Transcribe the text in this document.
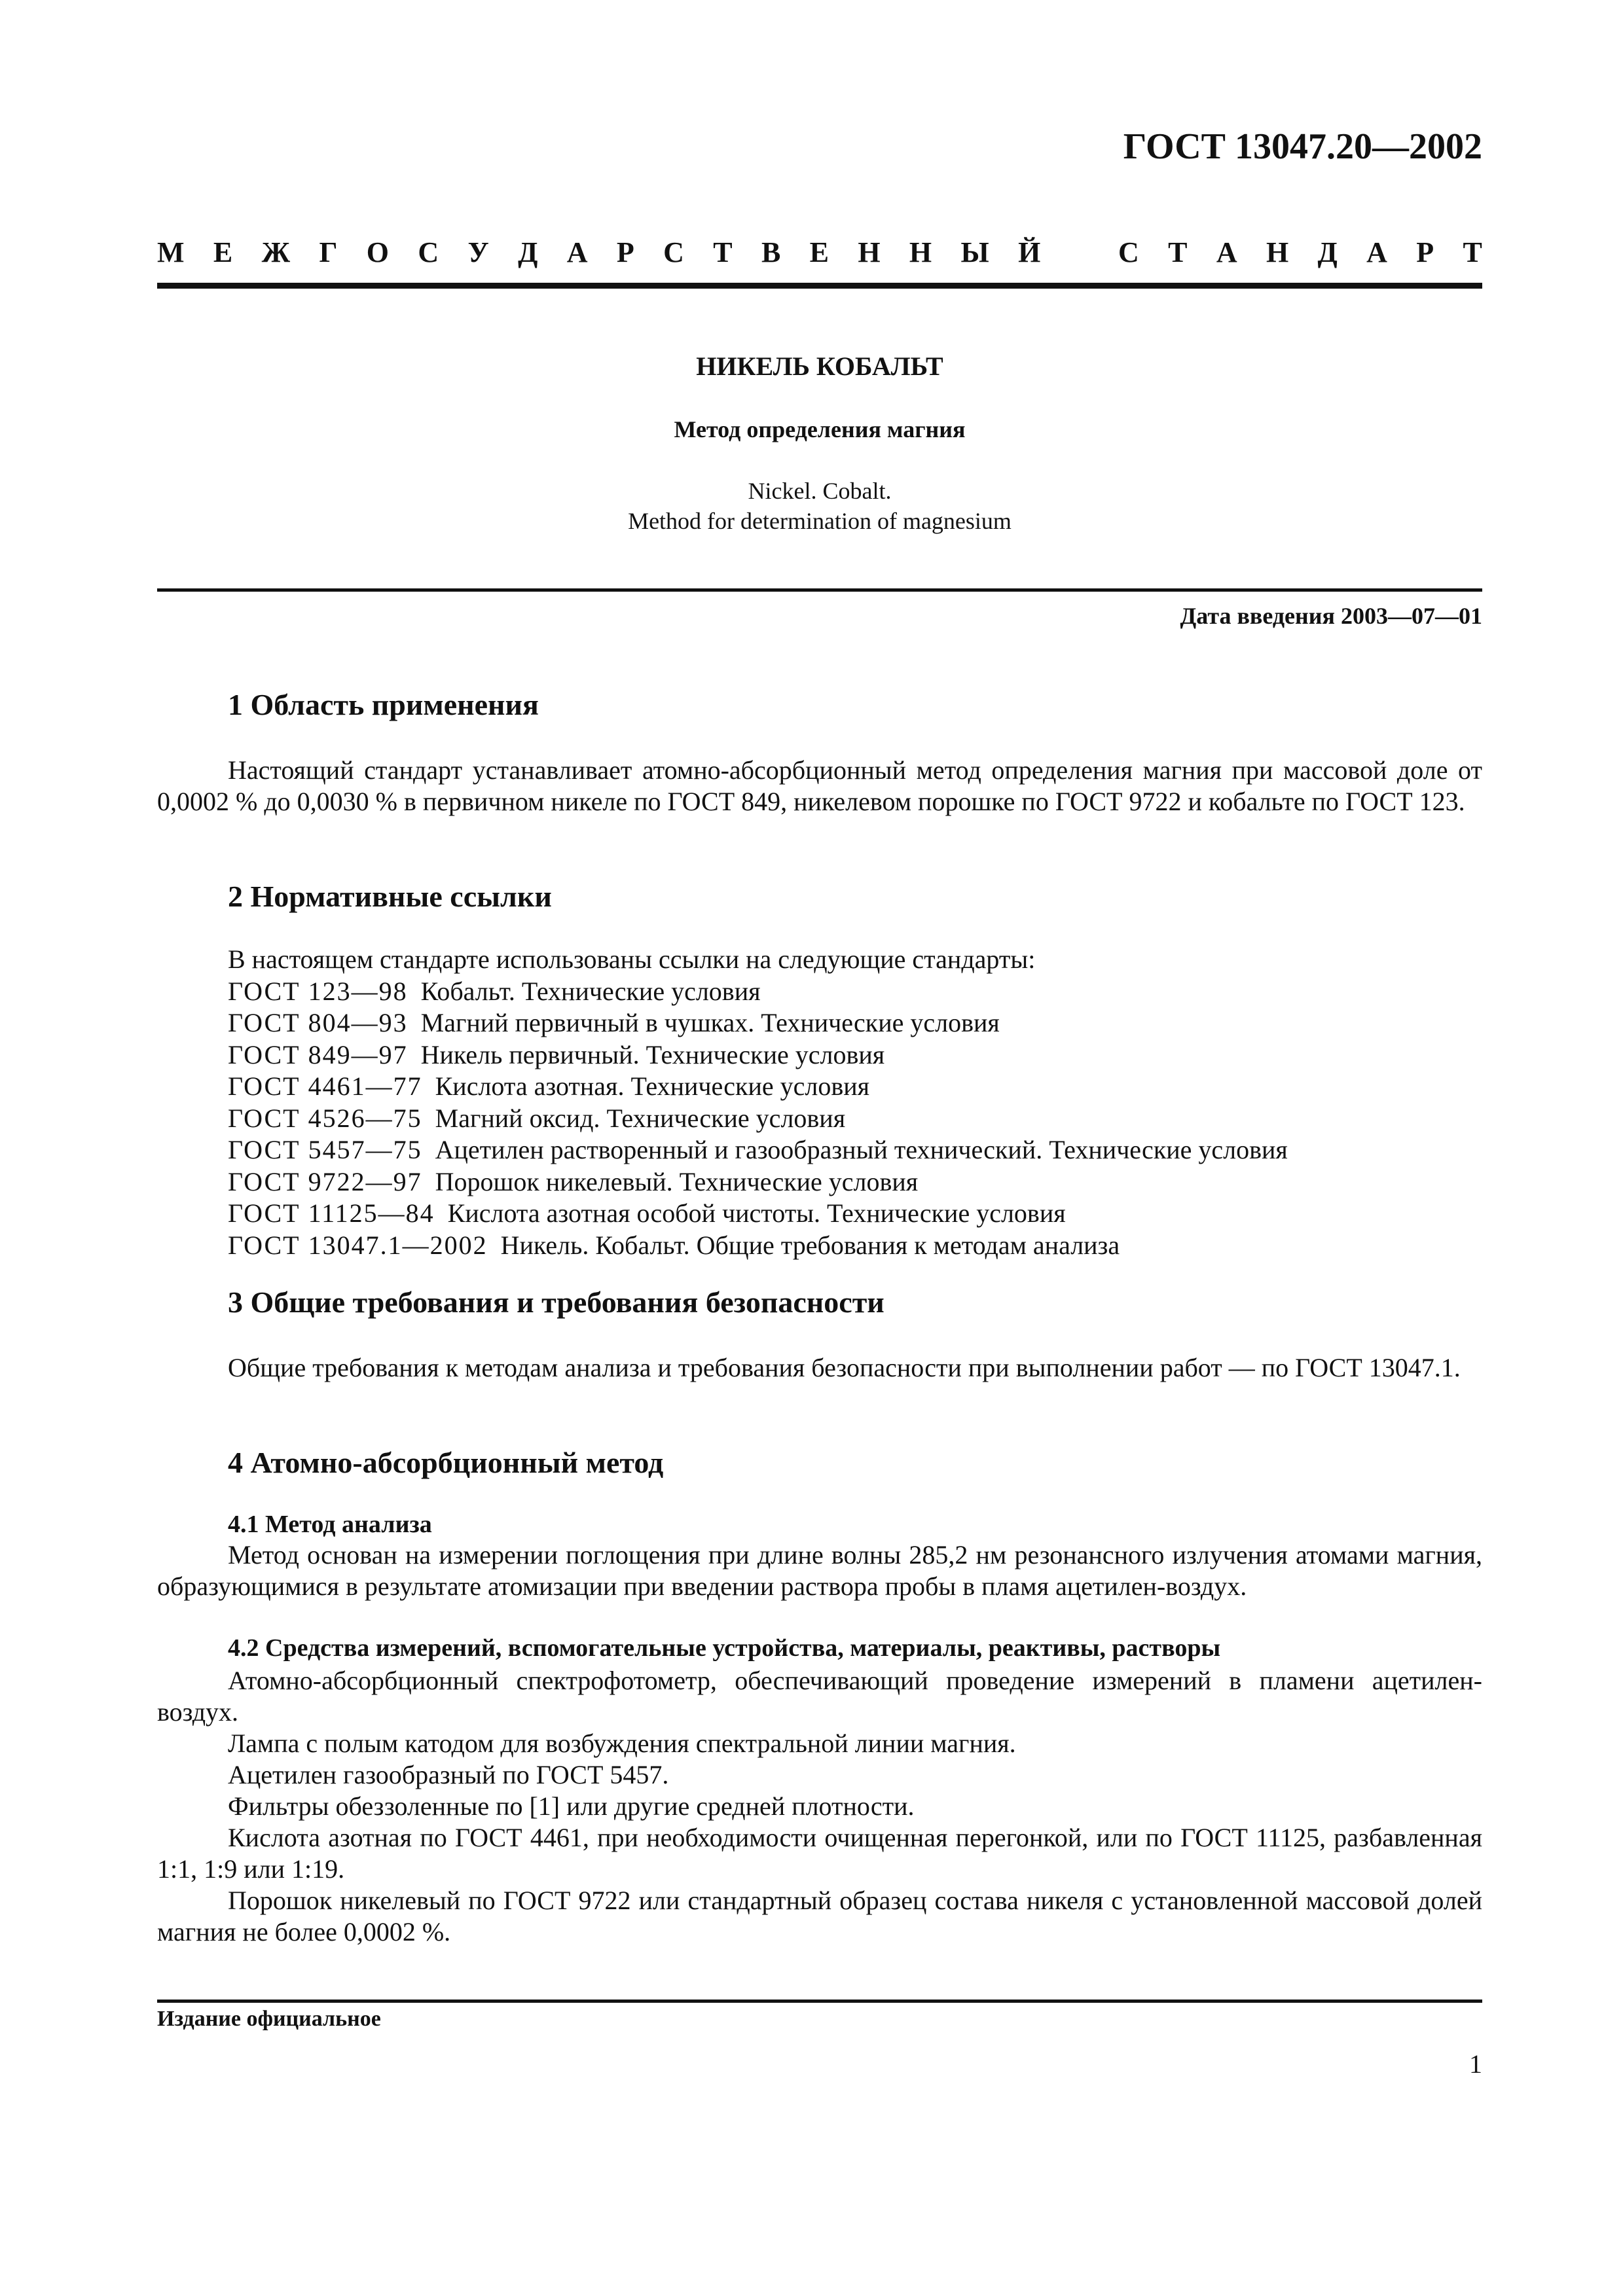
ГОСТ 13047.20—2002
М Е Ж Г О С У Д А Р С Т В Е Н Н Ы Й	С Т А Н Д А Р Т
НИКЕЛЬ КОБАЛЬТ
Метод определения магния
Nickel. Cobalt.
Method for determination of magnesium
Дата введения 2003—07—01
1 Область применения
Настоящий стандарт устанавливает атомно-абсорбционный метод определения магния при массовой доле от 0,0002 % до 0,0030 % в первичном никеле по ГОСТ 849, никелевом порошке по ГОСТ 9722 и кобальте по ГОСТ 123.
2 Нормативные ссылки
В настоящем стандарте использованы ссылки на следующие стандарты:
ГОСТ 123—98 Кобальт. Технические условия
ГОСТ 804—93 Магний первичный в чушках. Технические условия
ГОСТ 849—97 Никель первичный. Технические условия
ГОСТ 4461—77 Кислота азотная. Технические условия
ГОСТ 4526—75 Магний оксид. Технические условия
ГОСТ 5457—75 Ацетилен растворенный и газообразный технический. Технические условия
ГОСТ 9722—97 Порошок никелевый. Технические условия
ГОСТ 11125—84 Кислота азотная особой чистоты. Технические условия
ГОСТ 13047.1—2002 Никель. Кобальт. Общие требования к методам анализа
3 Общие требования и требования безопасности
Общие требования к методам анализа и требования безопасности при выполнении работ — по ГОСТ 13047.1.
4 Атомно-абсорбционный метод
4.1 Метод анализа
Метод основан на измерении поглощения при длине волны 285,2 нм резонансного излучения атомами магния, образующимися в результате атомизации при введении раствора пробы в пламя ацетилен-воздух.
4.2 Средства измерений, вспомогательные устройства, материалы, реактивы, растворы
Атомно-абсорбционный спектрофотометр, обеспечивающий проведение измерений в пламени ацетилен-воздух.
Лампа с полым катодом для возбуждения спектральной линии магния.
Ацетилен газообразный по ГОСТ 5457.
Фильтры обеззоленные по [1] или другие средней плотности.
Кислота азотная по ГОСТ 4461, при необходимости очищенная перегонкой, или по ГОСТ 11125, разбавленная 1:1, 1:9 или 1:19.
Порошок никелевый по ГОСТ 9722 или стандартный образец состава никеля с установленной массовой долей магния не более 0,0002 %.
Издание официальное
1
